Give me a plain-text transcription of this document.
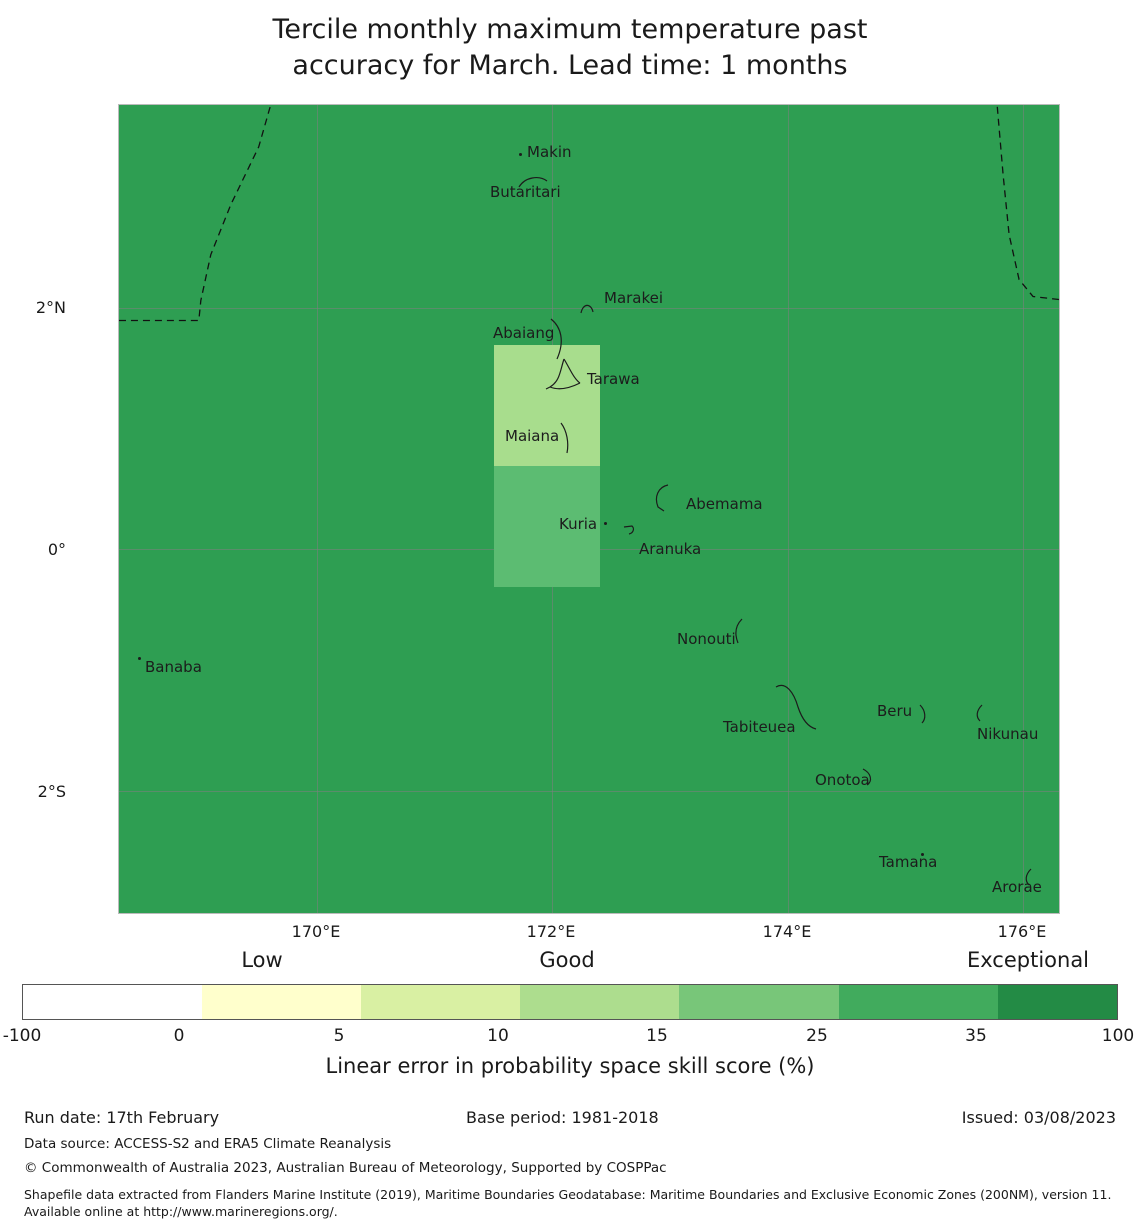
Tercile monthly maximum temperature past
accuracy for March. Lead time: 1 months
Makin
Butaritari
Marakei
Abaiang
Tarawa
Maiana
Abemama
Kuria
Aranuka
Nonouti
Banaba
Tabiteuea
Beru
Nikunau
Onotoa
Tamana
Arorae
2°N
0°
2°S
170°E	172°E	174°E	176°E
Low	Good	Exceptional
-100	0	5	10	15	25	35	100
Linear error in probability space skill score (%)
Run date: 17th February	Base period: 1981-2018	Issued: 03/08/2023
Data source: ACCESS-S2 and ERA5 Climate Reanalysis
© Commonwealth of Australia 2023, Australian Bureau of Meteorology, Supported by COSPPac
Shapefile data extracted from Flanders Marine Institute (2019), Maritime Boundaries Geodatabase: Maritime Boundaries and Exclusive Economic Zones (200NM), version 11. Available online at http://www.marineregions.org/.
